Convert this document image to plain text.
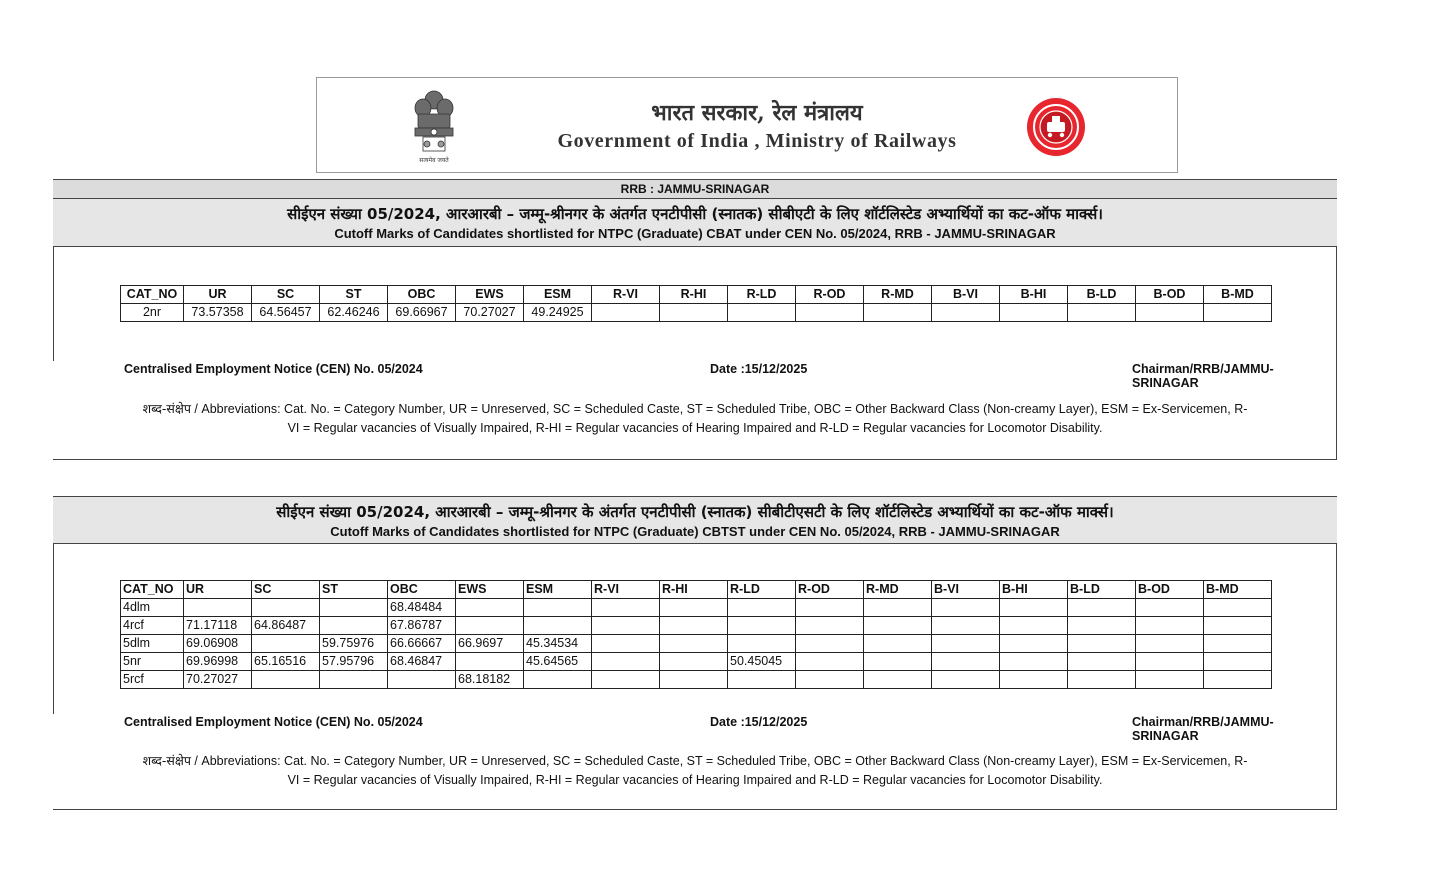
सत्यमेव जयते
भारत सरकार, रेल मंत्रालय
Government of India , Ministry of Railways
RRB : JAMMU-SRINAGAR
सीईएन संख्या 05/2024, आरआरबी – जम्मू-श्रीनगर के अंतर्गत एनटीपीसी (स्नातक) सीबीएटी के लिए शॉर्टलिस्टेड अभ्यार्थियों का कट-ऑफ मार्क्स।
Cutoff Marks of Candidates shortlisted for NTPC (Graduate) CBAT under CEN No. 05/2024, RRB - JAMMU-SRINAGAR
CAT_NO	UR	SC	ST	OBC	EWS	ESM	R-VI	R-HI	R-LD	R-OD	R-MD	B-VI	B-HI	B-LD	B-OD	B-MD
2nr	73.57358	64.56457	62.46246	69.66967	70.27027	49.24925										
Centralised Employment Notice (CEN) No. 05/2024	Date :15/12/2025	Chairman/RRB/JAMMU-SRINAGAR
शब्द-संक्षेप / Abbreviations: Cat. No. = Category Number, UR = Unreserved, SC = Scheduled Caste, ST = Scheduled Tribe, OBC = Other Backward Class (Non-creamy Layer), ESM = Ex-Servicemen, R-
VI = Regular vacancies of Visually Impaired, R-HI = Regular vacancies of Hearing Impaired and R-LD = Regular vacancies for Locomotor Disability.
सीईएन संख्या 05/2024, आरआरबी – जम्मू-श्रीनगर के अंतर्गत एनटीपीसी (स्नातक) सीबीटीएसटी के लिए शॉर्टलिस्टेड अभ्यार्थियों का कट-ऑफ मार्क्स।
Cutoff Marks of Candidates shortlisted for NTPC (Graduate) CBTST under CEN No. 05/2024, RRB - JAMMU-SRINAGAR
CAT_NO	UR	SC	ST	OBC	EWS	ESM	R-VI	R-HI	R-LD	R-OD	R-MD	B-VI	B-HI	B-LD	B-OD	B-MD
4dlm				68.48484												
4rcf	71.17118	64.86487		67.86787												
5dlm	69.06908		59.75976	66.66667	66.9697	45.34534										
5nr	69.96998	65.16516	57.95796	68.46847		45.64565			50.45045							
5rcf	70.27027				68.18182											
Centralised Employment Notice (CEN) No. 05/2024	Date :15/12/2025	Chairman/RRB/JAMMU-SRINAGAR
शब्द-संक्षेप / Abbreviations: Cat. No. = Category Number, UR = Unreserved, SC = Scheduled Caste, ST = Scheduled Tribe, OBC = Other Backward Class (Non-creamy Layer), ESM = Ex-Servicemen, R-
VI = Regular vacancies of Visually Impaired, R-HI = Regular vacancies of Hearing Impaired and R-LD = Regular vacancies for Locomotor Disability.
